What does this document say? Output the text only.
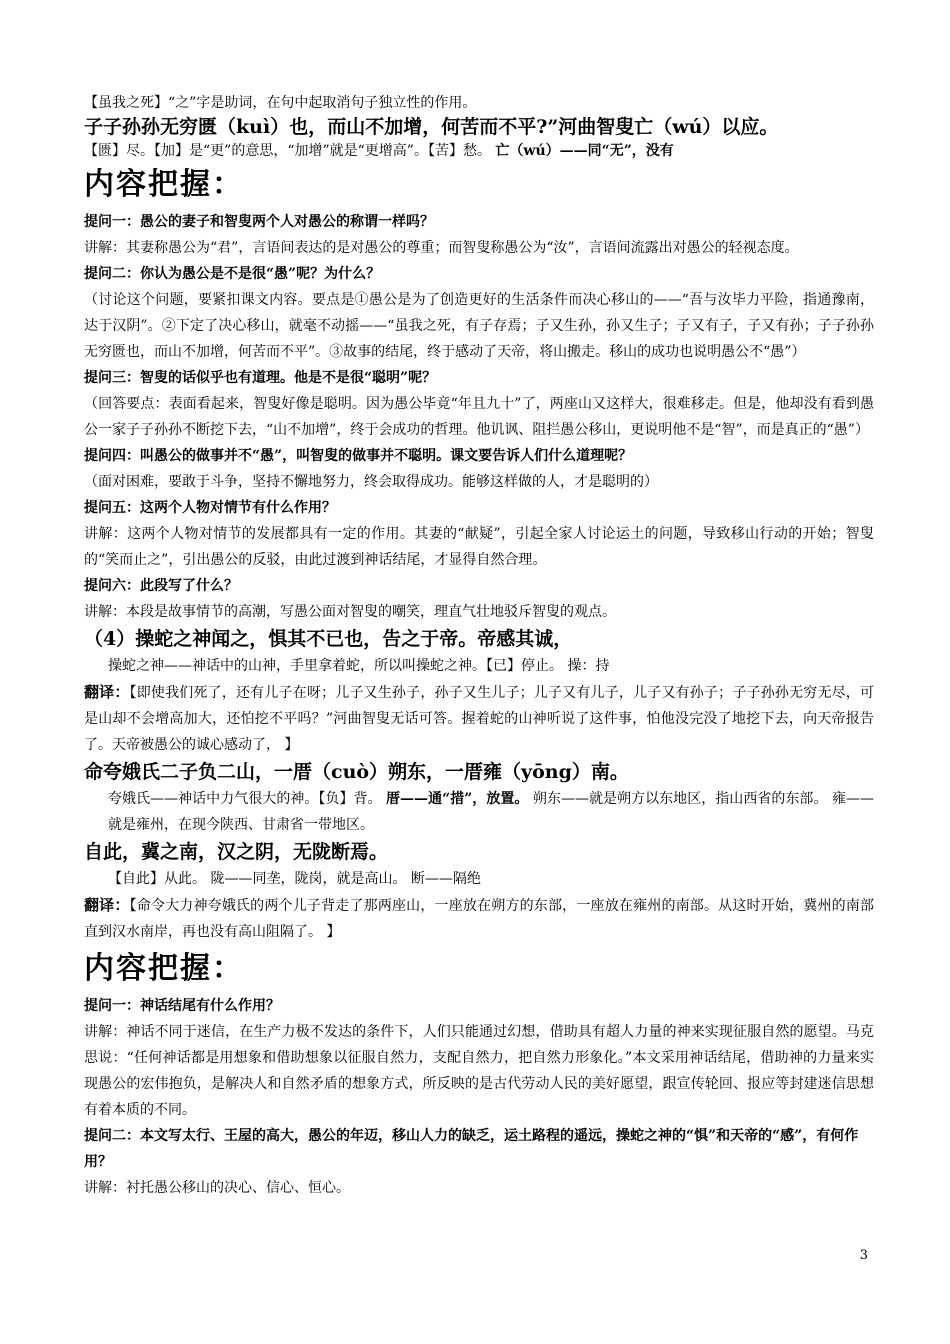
【虽我之死】“之”字是助词，在句中起取消句子独立性的作用。

子子孙孙无穷匮（kuì）也，而山不加增，何苦而不平?”河曲智叟亡（wú）以应。

【匮】尽。【加】是“更”的意思，“加增”就是“更增高”。【苦】愁。 亡（wú）——同“无”，没有

内容把握：

提问一：愚公的妻子和智叟两个人对愚公的称谓一样吗？

讲解：其妻称愚公为“君”，言语间表达的是对愚公的尊重；而智叟称愚公为“汝”，言语间流露出对愚公的轻视态度。

提问二：你认为愚公是不是很“愚”呢？为什么？

（讨论这个问题，要紧扣课文内容。要点是①愚公是为了创造更好的生活条件而决心移山的——“吾与汝毕力平险，指通豫南，达于汉阴”。②下定了决心移山，就毫不动摇——“虽我之死，有子存焉；子又生孙，孙又生子；子又有子，子又有孙；子子孙孙无穷匮也，而山不加增，何苦而不平”。③故事的结尾，终于感动了天帝，将山搬走。移山的成功也说明愚公不“愚”）

提问三：智叟的话似乎也有道理。他是不是很“聪明”呢？

（回答要点：表面看起来，智叟好像是聪明。因为愚公毕竟“年且九十”了，两座山又这样大，很难移走。但是，他却没有看到愚公一家子子孙孙不断挖下去，“山不加增”，终于会成功的哲理。他讥讽、阻拦愚公移山，更说明他不是“智”，而是真正的“愚”）

提问四：叫愚公的做事并不“愚”，叫智叟的做事并不聪明。课文要告诉人们什么道理呢？

（面对困难，要敢于斗争，坚持不懈地努力，终会取得成功。能够这样做的人，才是聪明的）

提问五：这两个人物对情节有什么作用？

讲解：这两个人物对情节的发展都具有一定的作用。其妻的“献疑”，引起全家人讨论运土的问题，导致移山行动的开始；智叟的“笑而止之”，引出愚公的反驳，由此过渡到神话结尾，才显得自然合理。

提问六：此段写了什么？

讲解：本段是故事情节的高潮，写愚公面对智叟的嘲笑，理直气壮地驳斥智叟的观点。

（4）操蛇之神闻之，惧其不已也，告之于帝。帝感其诚，

操蛇之神——神话中的山神，手里拿着蛇，所以叫操蛇之神。【已】停止。 操：持

翻译：【即使我们死了，还有儿子在呀；儿子又生孙子，孙子又生儿子；儿子又有儿子，儿子又有孙子；子子孙孙无穷无尽，可是山却不会增高加大，还怕挖不平吗？”河曲智叟无话可答。握着蛇的山神听说了这件事，怕他没完没了地挖下去，向天帝报告了。天帝被愚公的诚心感动了， 】

命夸娥氏二子负二山，一厝（cuò）朔东，一厝雍（yōng）南。

夸娥氏——神话中力气很大的神。【负】背。 厝——通“措”，放置。 朔东——就是朔方以东地区，指山西省的东部。 雍——就是雍州，在现今陕西、甘肃省一带地区。

自此，冀之南，汉之阴，无陇断焉。

【自此】从此。 陇——同垄，陇岗，就是高山。 断——隔绝

翻译：【命令大力神夸娥氏的两个儿子背走了那两座山，一座放在朔方的东部，一座放在雍州的南部。从这时开始，冀州的南部直到汉水南岸，再也没有高山阻隔了。 】

内容把握：

提问一：神话结尾有什么作用？

讲解：神话不同于迷信，在生产力极不发达的条件下，人们只能通过幻想，借助具有超人力量的神来实现征服自然的愿望。马克思说：“任何神话都是用想象和借助想象以征服自然力，支配自然力，把自然力形象化。”本文采用神话结尾，借助神的力量来实现愚公的宏伟抱负，是解决人和自然矛盾的想象方式，所反映的是古代劳动人民的美好愿望，跟宣传轮回、报应等封建迷信思想有着本质的不同。

提问二：本文写太行、王屋的高大，愚公的年迈，移山人力的缺乏，运土路程的遥远，操蛇之神的“惧”和天帝的“感”，有何作用？

讲解：衬托愚公移山的决心、信心、恒心。

3
